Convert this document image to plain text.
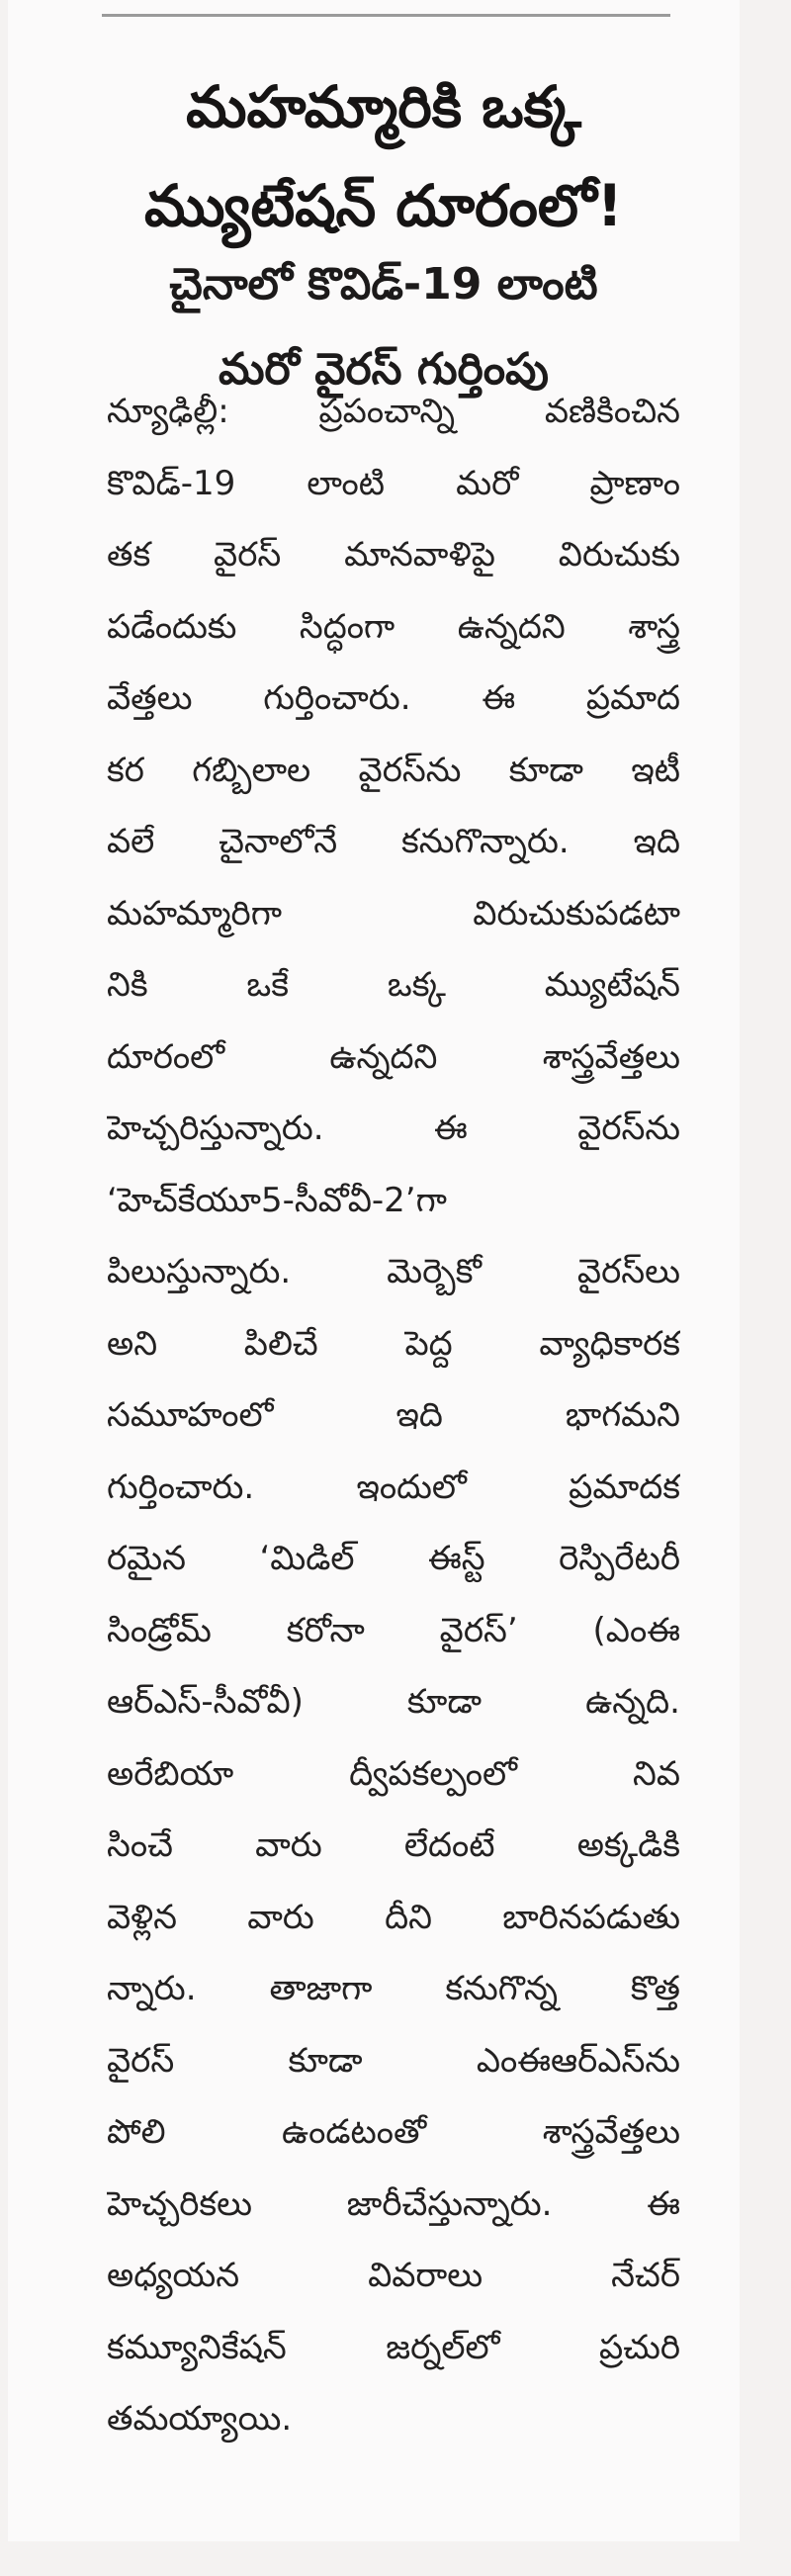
మహమ్మారికి ఒక్క
మ్యుటేషన్ దూరంలో!
చైనాలో కొవిడ్-19 లాంటి
మరో వైరస్ గుర్తింపు
న్యూఢిల్లీ: ప్రపంచాన్ని వణికించిన
కొవిడ్-19 లాంటి మరో ప్రాణాం
తక వైరస్ మానవాళిపై విరుచుకు
పడేందుకు సిద్ధంగా ఉన్నదని శాస్త్ర
వేత్తలు గుర్తించారు. ఈ ప్రమాద
కర గబ్బిలాల వైరస్‌ను కూడా ఇటీ
వలే చైనాలోనే కనుగొన్నారు. ఇది
మహమ్మారిగా విరుచుకుపడటా
నికి ఒకే ఒక్క మ్యుటేషన్
దూరంలో ఉన్నదని శాస్త్రవేత్తలు
హెచ్చరిస్తున్నారు. ఈ వైరస్‌ను
‘హెచ్‌కేయూ5-సీవోవీ-2’గా
పిలుస్తున్నారు. మెర్బెకో వైరస్‌లు
అని పిలిచే పెద్ద వ్యాధికారక
సమూహంలో ఇది భాగమని
గుర్తించారు. ఇందులో ప్రమాదక
రమైన ‘మిడిల్ ఈస్ట్ రెస్పిరేటరీ
సిండ్రోమ్ కరోనా వైరస్’ (ఎంఈ
ఆర్‌ఎస్-సీవోవీ) కూడా ఉన్నది.
అరేబియా ద్వీపకల్పంలో నివ
సించే వారు లేదంటే అక్కడికి
వెళ్లిన వారు దీని బారినపడుతు
న్నారు. తాజాగా కనుగొన్న కొత్త
వైరస్ కూడా ఎంఈఆర్‌ఎస్‌ను
పోలి ఉండటంతో శాస్త్రవేత్తలు
హెచ్చరికలు జారీచేస్తున్నారు. ఈ
అధ్యయన వివరాలు నేచర్
కమ్యూనికేషన్ జర్నల్‌లో ప్రచురి
తమయ్యాయి.
